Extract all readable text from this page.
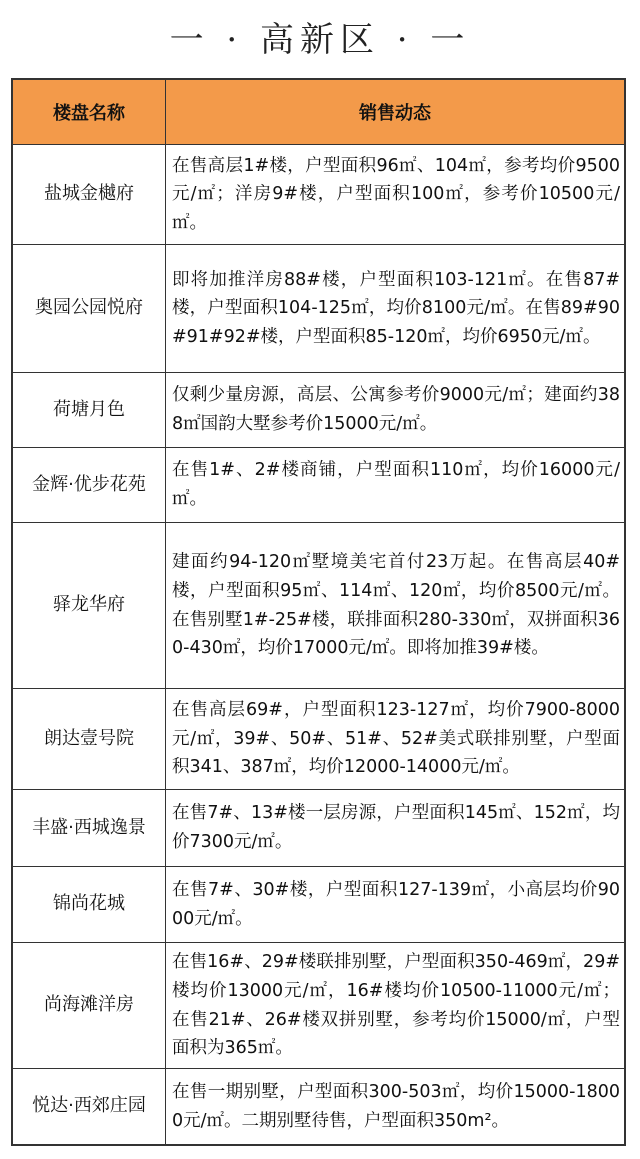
一 · 高新区 · 一
楼盘名称	销售动态
盐城金樾府	在售高层1#楼，户型面积96㎡、104㎡，参考均价9500元/㎡；洋房9#楼，户型面积100㎡，参考价10500元/㎡。
奥园公园悦府	即将加推洋房88#楼，户型面积103-121㎡。在售87#楼，户型面积104-125㎡，均价8100元/㎡。在售89#90#91#92#楼，户型面积85-120㎡，均价6950元/㎡。
荷塘月色	仅剩少量房源，高层、公寓参考价9000元/㎡；建面约388㎡国韵大墅参考价15000元/㎡。
金辉·优步花苑	在售1#、2#楼商铺，户型面积110㎡，均价16000元/㎡。
驿龙华府	建面约94-120㎡墅境美宅首付23万起。在售高层40#楼，户型面积95㎡、114㎡、120㎡，均价8500元/㎡。在售别墅1#-25#楼，联排面积280-330㎡，双拼面积360-430㎡，均价17000元/㎡。即将加推39#楼。
朗达壹号院	在售高层69#，户型面积123-127㎡，均价7900-8000元/㎡，39#、50#、51#、52#美式联排别墅，户型面积341、387㎡，均价12000-14000元/㎡。
丰盛·西城逸景	在售7#、13#楼一层房源，户型面积145㎡、152㎡，均价7300元/㎡。
锦尚花城	在售7#、30#楼，户型面积127-139㎡，小高层均价9000元/㎡。
尚海滩洋房	在售16#、29#楼联排别墅，户型面积350-469㎡，29#楼均价13000元/㎡，16#楼均价10500-11000元/㎡；在售21#、26#楼双拼别墅，参考均价15000/㎡，户型面积为365㎡。
悦达·西郊庄园	在售一期别墅，户型面积300-503㎡，均价15000-18000元/㎡。二期别墅待售，户型面积350m²。
